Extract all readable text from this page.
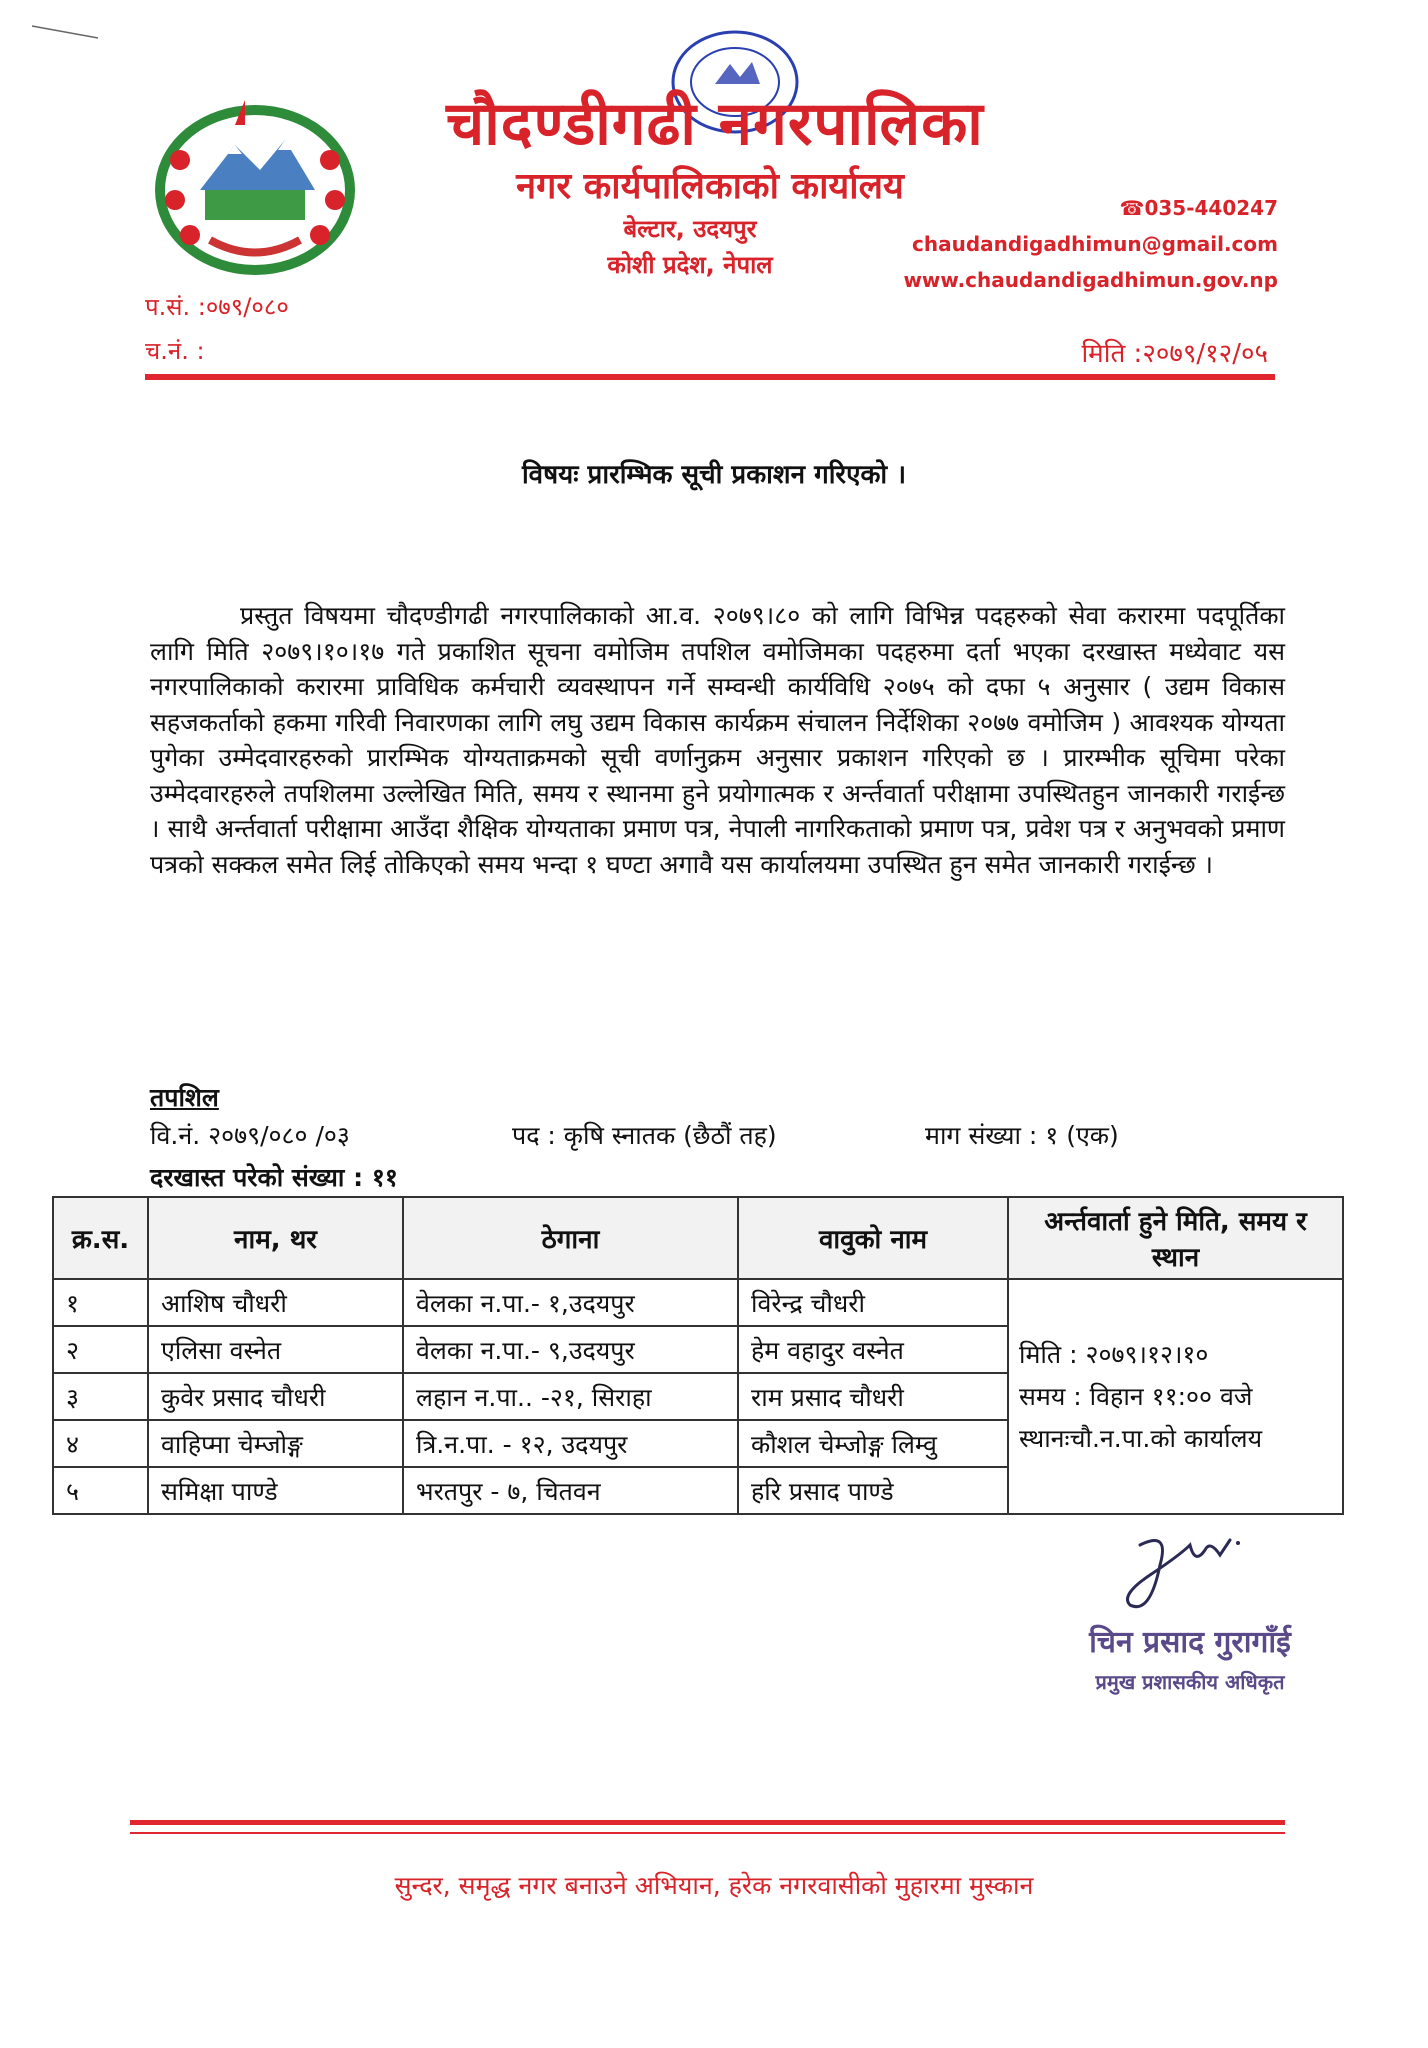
चौदण्डीगढी नगरपालिका
नगर कार्यपालिकाको कार्यालय
बेल्टार, उदयपुर
कोशी प्रदेश, नेपाल
☎035-440247
chaudandigadhimun@gmail.com
www.chaudandigadhimun.gov.np
प.सं. :०७९/०८०
च.नं. :	मिति :२०७९/१२/०५
विषयः प्रारम्भिक सूची प्रकाशन गरिएको ।
प्रस्तुत विषयमा चौदण्डीगढी नगरपालिकाको आ.व. २०७९।८० को लागि विभिन्न पदहरुको सेवा करारमा पदपूर्तिका लागि मिति २०७९।१०।१७ गते प्रकाशित सूचना वमोजिम तपशिल वमोजिमका पदहरुमा दर्ता भएका दरखास्त मध्येवाट यस नगरपालिकाको करारमा प्राविधिक कर्मचारी व्यवस्थापन गर्ने सम्वन्धी कार्यविधि २०७५ को दफा ५ अनुसार ( उद्यम विकास सहजकर्ताको हकमा गरिवी निवारणका लागि लघु उद्यम विकास कार्यक्रम संचालन निर्देशिका २०७७ वमोजिम ) आवश्यक योग्यता पुगेका उम्मेदवारहरुको प्रारम्भिक योग्यताक्रमको सूची वर्णानुक्रम अनुसार प्रकाशन गरिएको छ । प्रारम्भीक सूचिमा परेका उम्मेदवारहरुले तपशिलमा उल्लेखित मिति, समय र स्थानमा हुने प्रयोगात्मक र अर्न्तवार्ता परीक्षामा उपस्थितहुन जानकारी गराईन्छ । साथै अर्न्तवार्ता परीक्षामा आउँदा शैक्षिक योग्यताका प्रमाण पत्र, नेपाली नागरिकताको प्रमाण पत्र, प्रवेश पत्र र अनुभवको प्रमाण पत्रको सक्कल समेत लिई तोकिएको समय भन्दा १ घण्टा अगावै यस कार्यालयमा उपस्थित हुन समेत जानकारी गराईन्छ ।
तपशिल
वि.नं. २०७९/०८० /०३	पद : कृषि स्नातक (छैठौं तह)	माग संख्या : १ (एक)
दरखास्त परेको संख्या : ११
क्र.स.	नाम, थर	ठेगाना	वावुको नाम	अर्न्तवार्ता हुने मिति, समय र स्थान
१	आशिष चौधरी	वेलका न.पा.- १,उदयपुर	विरेन्द्र चौधरी	मिति : २०७९।१२।१०
समय : विहान ११:०० वजे
स्थानःचौ.न.पा.को कार्यालय

२	एलिसा वस्नेत	वेलका न.पा.- ९,उदयपुर	हेम वहादुर वस्नेत	
३	कुवेर प्रसाद चौधरी	लहान न.पा.. -२१, सिराहा	राम प्रसाद चौधरी	
४	वाहिप्मा चेम्जोङ्ग	त्रि.न.पा. - १२, उदयपुर	कौशल चेम्जोङ्ग लिम्वु	
५	समिक्षा पाण्डे	भरतपुर - ७, चितवन	हरि प्रसाद पाण्डे	
चिन प्रसाद गुरागाँई
प्रमुख प्रशासकीय अधिकृत
सुन्दर, समृद्ध नगर बनाउने अभियान, हरेक नगरवासीको मुहारमा मुस्कान
